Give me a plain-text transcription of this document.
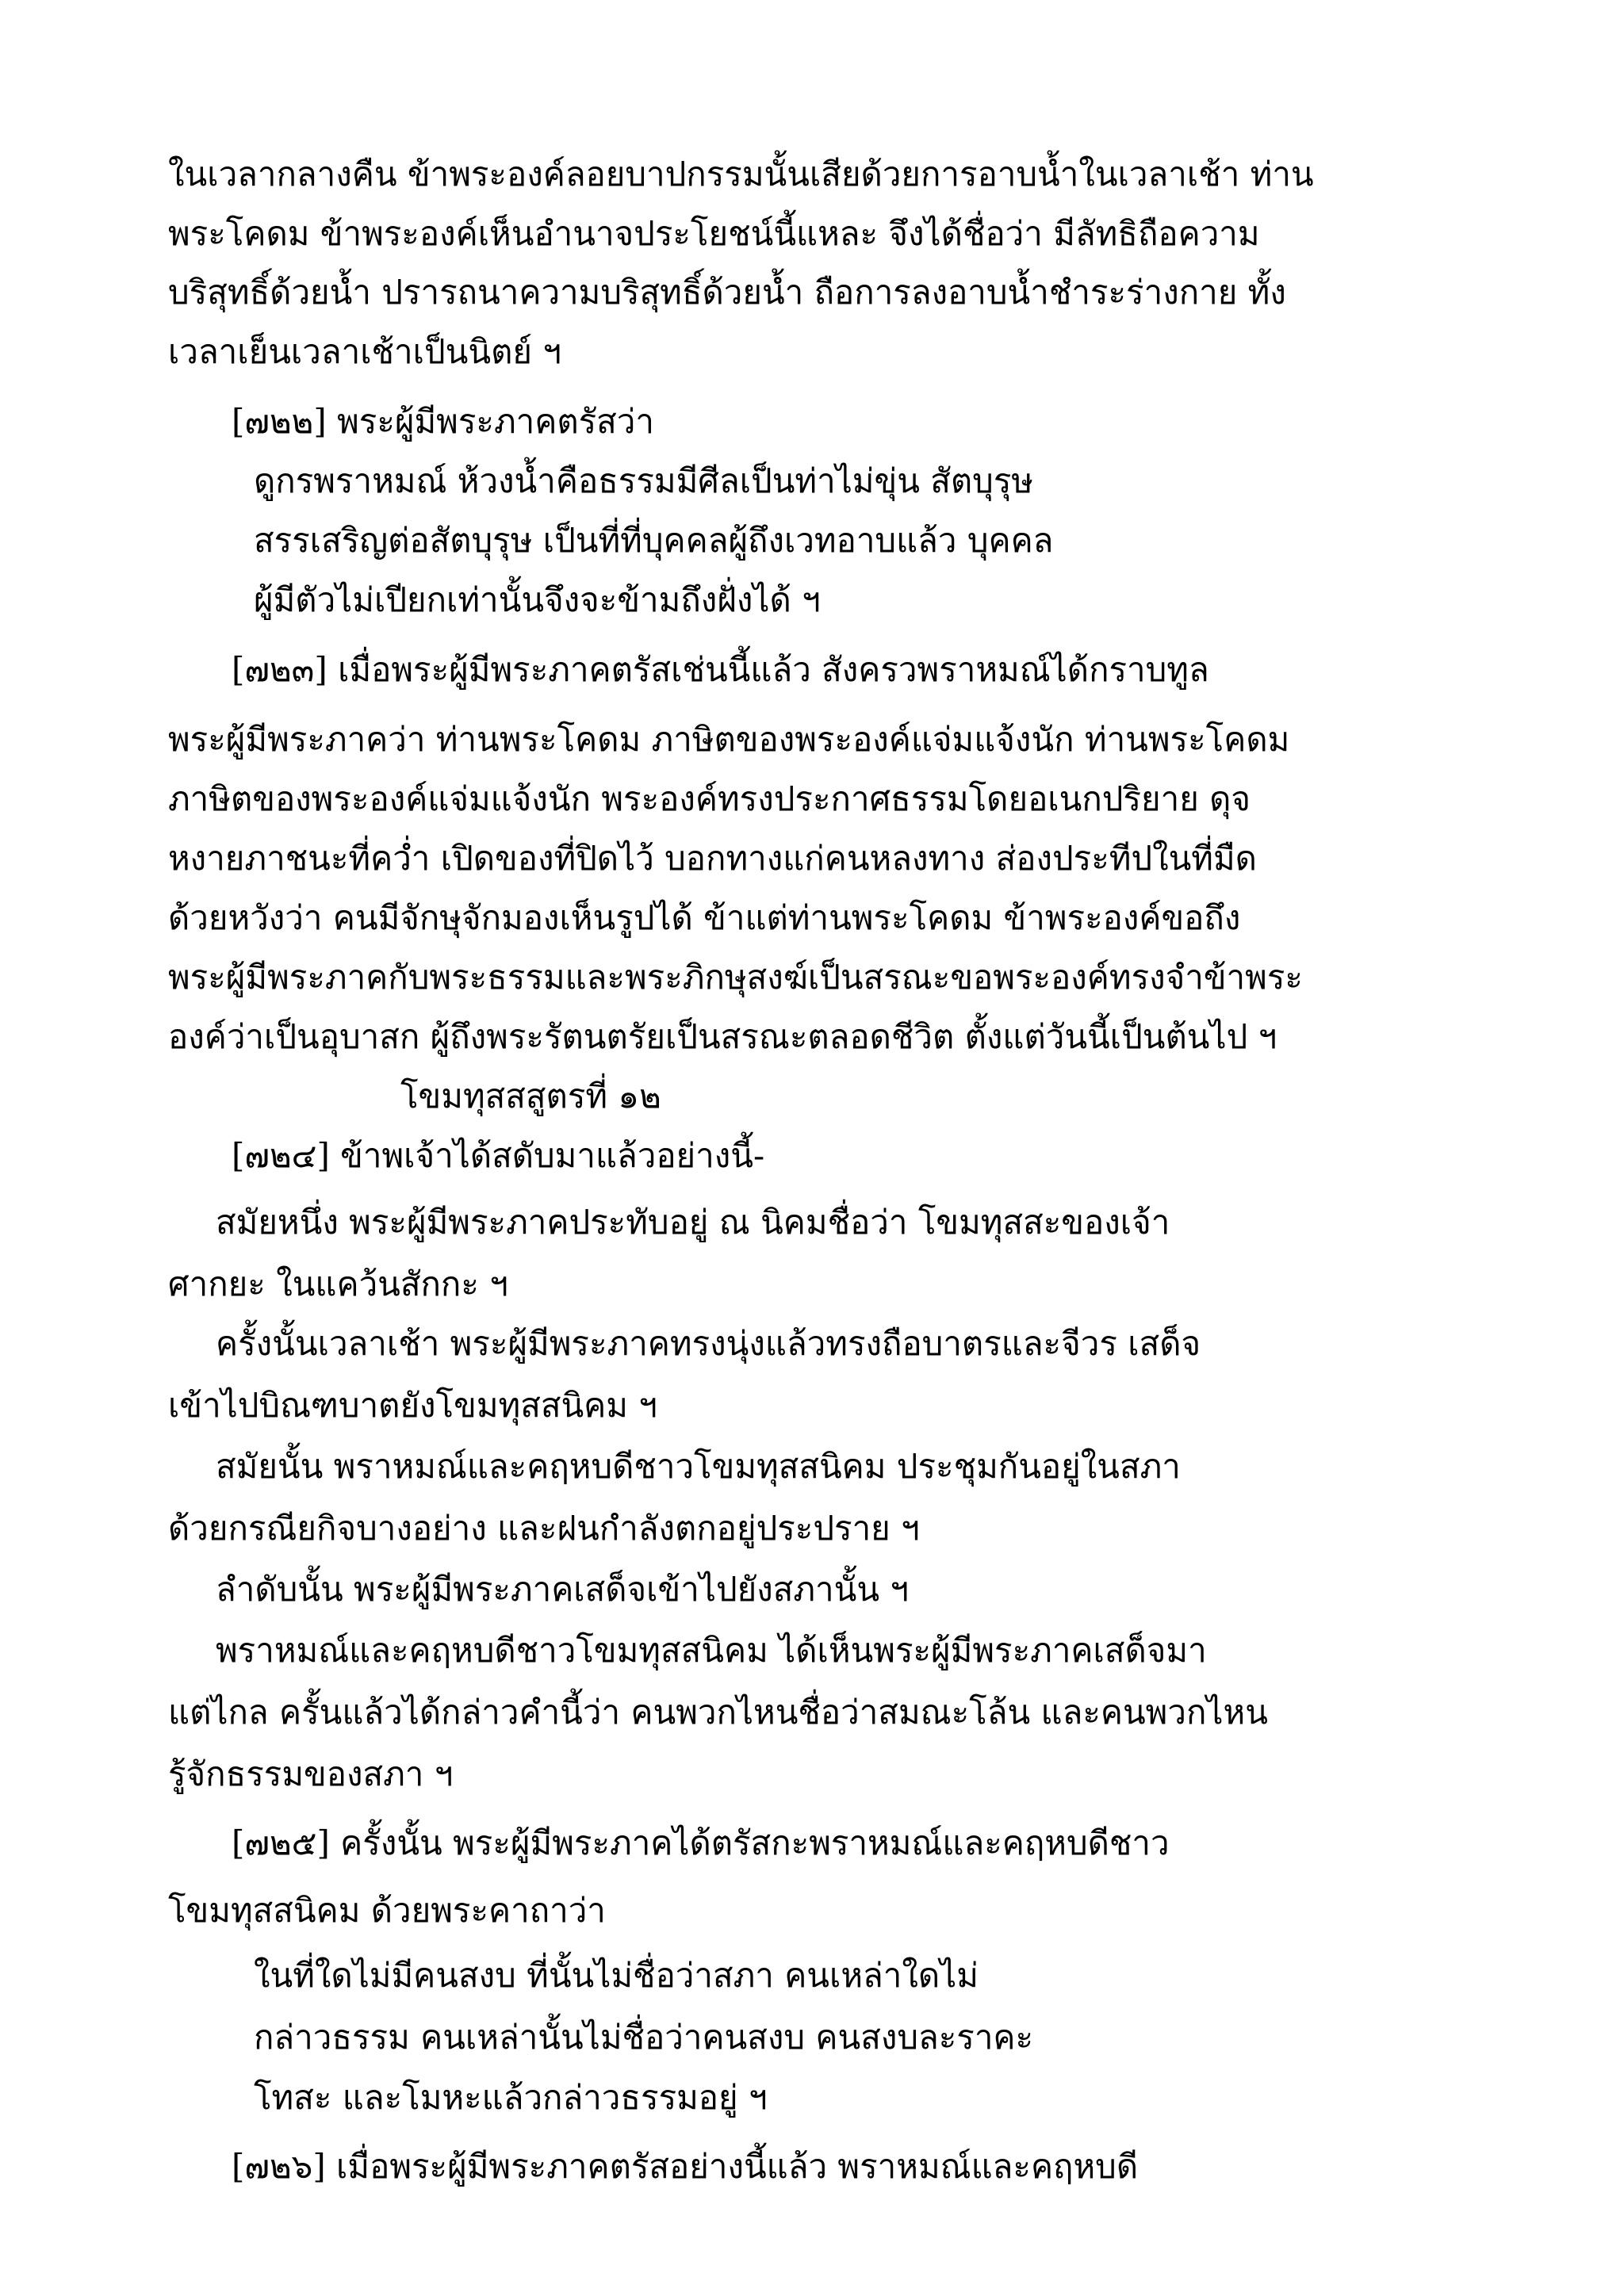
ในเวลากลางคืน ข้าพระองค์ลอยบาปกรรมนั้นเสียด้วยการอาบน้ำในเวลาเช้า ท่าน
พระโคดม ข้าพระองค์เห็นอำนาจประโยชน์นี้แหละ จึงได้ชื่อว่า มีลัทธิถือความ
บริสุทธิ์ด้วยน้ำ ปรารถนาความบริสุทธิ์ด้วยน้ำ ถือการลงอาบน้ำชำระร่างกาย ทั้ง
เวลาเย็นเวลาเช้าเป็นนิตย์ ฯ
[๗๒๒] พระผู้มีพระภาคตรัสว่า
ดูกรพราหมณ์ ห้วงน้ำคือธรรมมีศีลเป็นท่าไม่ขุ่น สัตบุรุษ
สรรเสริญต่อสัตบุรุษ เป็นที่ที่บุคคลผู้ถึงเวทอาบแล้ว บุคคล
ผู้มีตัวไม่เปียกเท่านั้นจึงจะข้ามถึงฝั่งได้ ฯ
[๗๒๓] เมื่อพระผู้มีพระภาคตรัสเช่นนี้แล้ว สังครวพราหมณ์ได้กราบทูล
พระผู้มีพระภาคว่า ท่านพระโคดม ภาษิตของพระองค์แจ่มแจ้งนัก ท่านพระโคดม
ภาษิตของพระองค์แจ่มแจ้งนัก พระองค์ทรงประกาศธรรมโดยอเนกปริยาย ดุจ
หงายภาชนะที่คว่ำ เปิดของที่ปิดไว้ บอกทางแก่คนหลงทาง ส่องประทีปในที่มืด
ด้วยหวังว่า คนมีจักษุจักมองเห็นรูปได้ ข้าแต่ท่านพระโคดม ข้าพระองค์ขอถึง
พระผู้มีพระภาคกับพระธรรมและพระภิกษุสงฆ์เป็นสรณะขอพระองค์ทรงจำข้าพระ
องค์ว่าเป็นอุบาสก ผู้ถึงพระรัตนตรัยเป็นสรณะตลอดชีวิต ตั้งแต่วันนี้เป็นต้นไป ฯ
โขมทุสสสูตรที่ ๑๒
[๗๒๔] ข้าพเจ้าได้สดับมาแล้วอย่างนี้-
สมัยหนึ่ง พระผู้มีพระภาคประทับอยู่ ณ นิคมชื่อว่า โขมทุสสะของเจ้า
ศากยะ ในแคว้นสักกะ ฯ
ครั้งนั้นเวลาเช้า พระผู้มีพระภาคทรงนุ่งแล้วทรงถือบาตรและจีวร เสด็จ
เข้าไปบิณฑบาตยังโขมทุสสนิคม ฯ
สมัยนั้น พราหมณ์และคฤหบดีชาวโขมทุสสนิคม ประชุมกันอยู่ในสภา
ด้วยกรณียกิจบางอย่าง และฝนกำลังตกอยู่ประปราย ฯ
ลำดับนั้น พระผู้มีพระภาคเสด็จเข้าไปยังสภานั้น ฯ
พราหมณ์และคฤหบดีชาวโขมทุสสนิคม ได้เห็นพระผู้มีพระภาคเสด็จมา
แต่ไกล ครั้นแล้วได้กล่าวคำนี้ว่า คนพวกไหนชื่อว่าสมณะโล้น และคนพวกไหน
รู้จักธรรมของสภา ฯ
[๗๒๕] ครั้งนั้น พระผู้มีพระภาคได้ตรัสกะพราหมณ์และคฤหบดีชาว
โขมทุสสนิคม ด้วยพระคาถาว่า
ในที่ใดไม่มีคนสงบ ที่นั้นไม่ชื่อว่าสภา คนเหล่าใดไม่
กล่าวธรรม คนเหล่านั้นไม่ชื่อว่าคนสงบ คนสงบละราคะ
โทสะ และโมหะแล้วกล่าวธรรมอยู่ ฯ
[๗๒๖] เมื่อพระผู้มีพระภาคตรัสอย่างนี้แล้ว พราหมณ์และคฤหบดี
